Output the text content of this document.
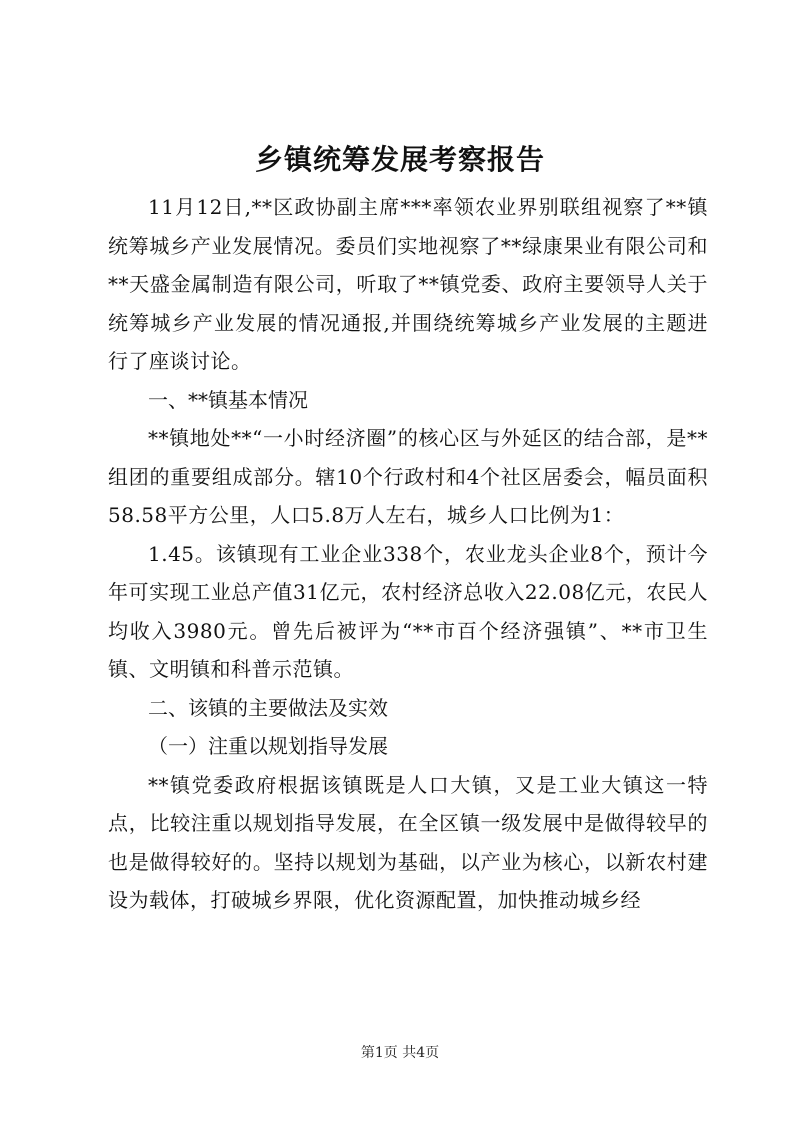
乡镇统筹发展考察报告

11月12日,**区政协副主席***率领农业界别联组视察了**镇统筹城乡产业发展情况。委员们实地视察了**绿康果业有限公司和**天盛金属制造有限公司，听取了**镇党委、政府主要领导人关于统筹城乡产业发展的情况通报,并围绕统筹城乡产业发展的主题进行了座谈讨论。

一、**镇基本情况

**镇地处**“一小时经济圈”的核心区与外延区的结合部，是**组团的重要组成部分。辖10个行政村和4个社区居委会，幅员面积58.58平方公里，人口5.8万人左右，城乡人口比例为1：

1.45。该镇现有工业企业338个，农业龙头企业8个，预计今年可实现工业总产值31亿元，农村经济总收入22.08亿元，农民人均收入3980元。曾先后被评为“**市百个经济强镇”、**市卫生镇、文明镇和科普示范镇。

二、该镇的主要做法及实效

（一）注重以规划指导发展

**镇党委政府根据该镇既是人口大镇，又是工业大镇这一特点，比较注重以规划指导发展，在全区镇一级发展中是做得较早的也是做得较好的。坚持以规划为基础，以产业为核心，以新农村建设为载体，打破城乡界限，优化资源配置，加快推动城乡经

第1页 共4页
